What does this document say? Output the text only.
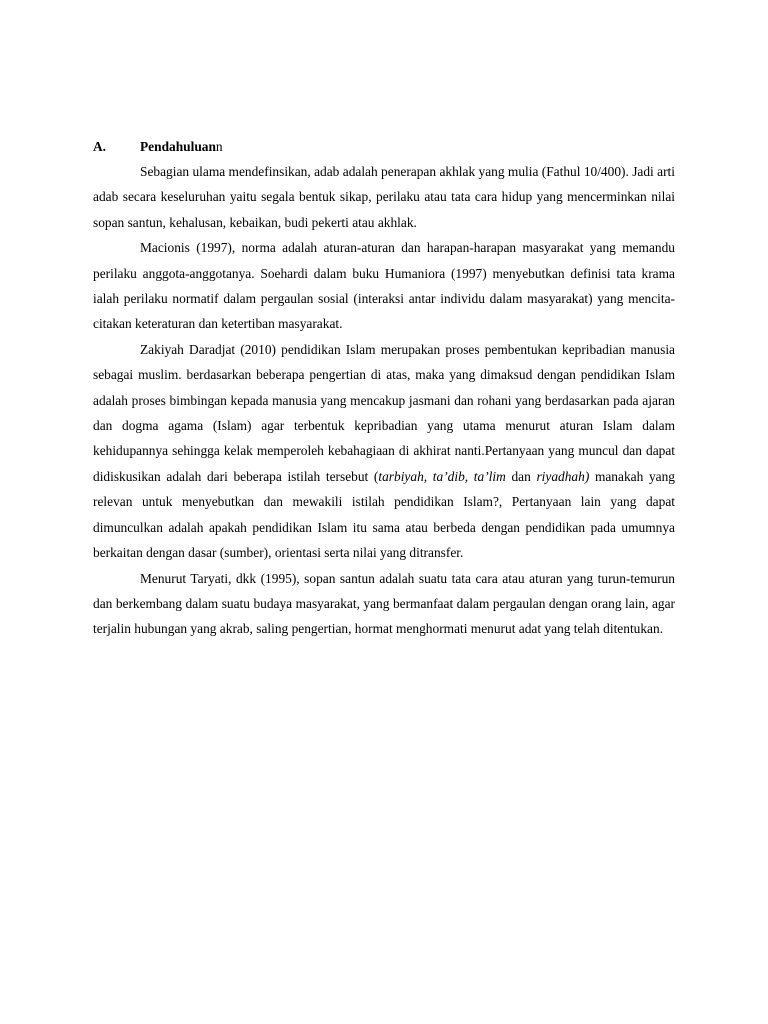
A.	Pendahuluann

Sebagian ulama mendefinsikan, adab adalah penerapan akhlak yang mulia (Fathul 10/400). Jadi arti adab secara keseluruhan yaitu segala bentuk sikap, perilaku atau tata cara hidup yang mencerminkan nilai sopan santun, kehalusan, kebaikan, budi pekerti atau akhlak.

Macionis (1997), norma adalah aturan-aturan dan harapan-harapan masyarakat yang memandu perilaku anggota-anggotanya. Soehardi dalam buku Humaniora (1997) menyebutkan definisi tata krama ialah perilaku normatif dalam pergaulan sosial (interaksi antar individu dalam masyarakat) yang mencita-citakan keteraturan dan ketertiban masyarakat.

Zakiyah Daradjat (2010) pendidikan Islam merupakan proses pembentukan kepribadian manusia sebagai muslim. berdasarkan beberapa pengertian di atas, maka yang dimaksud dengan pendidikan Islam adalah proses bimbingan kepada manusia yang mencakup jasmani dan rohani yang berdasarkan pada ajaran dan dogma agama (Islam) agar terbentuk kepribadian yang utama menurut aturan Islam dalam kehidupannya sehingga kelak memperoleh kebahagiaan di akhirat nanti.Pertanyaan yang muncul dan dapat didiskusikan adalah dari beberapa istilah tersebut (tarbiyah, ta’dib, ta’lim dan riyadhah) manakah yang relevan untuk menyebutkan dan mewakili istilah pendidikan Islam?, Pertanyaan lain yang dapat dimunculkan adalah apakah pendidikan Islam itu sama atau berbeda dengan pendidikan pada umumnya berkaitan dengan dasar (sumber), orientasi serta nilai yang ditransfer.

Menurut Taryati, dkk (1995), sopan santun adalah suatu tata cara atau aturan yang turun-temurun dan berkembang dalam suatu budaya masyarakat, yang bermanfaat dalam pergaulan dengan orang lain, agar terjalin hubungan yang akrab, saling pengertian, hormat menghormati menurut adat yang telah ditentukan.
